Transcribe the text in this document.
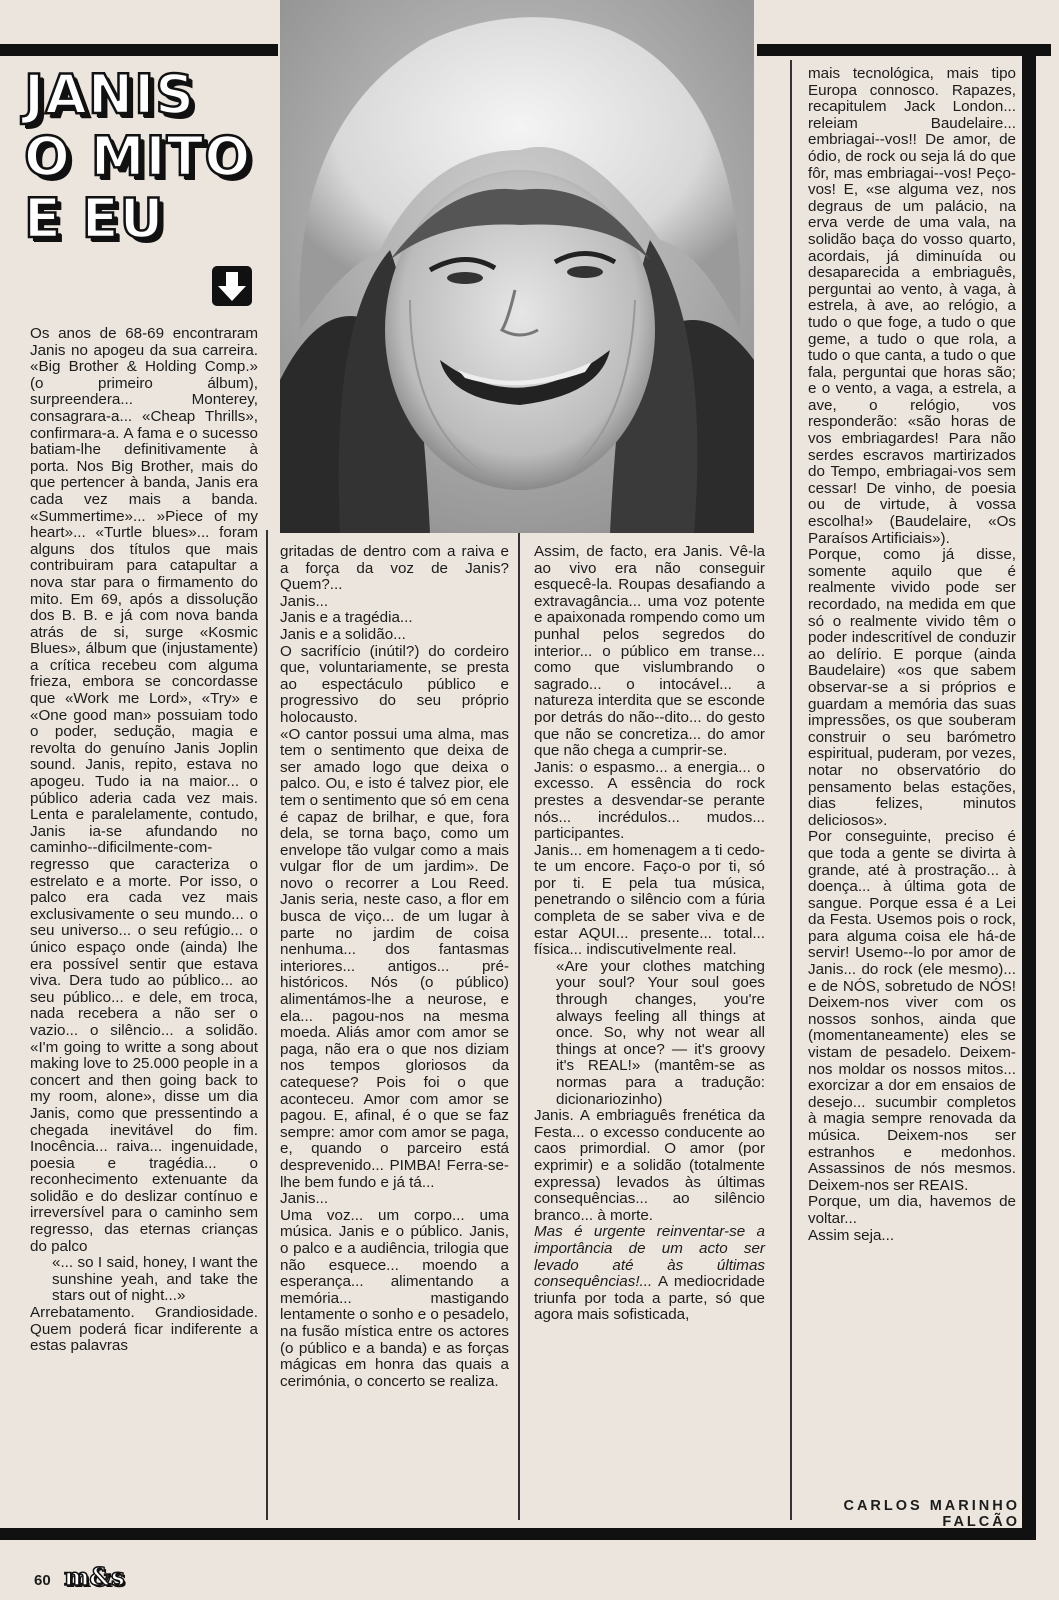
JANIS
O MITO
E EU

Os anos de 68-69 encontraram Janis no apogeu da sua carreira. «Big Brother & Holding Comp.» (o primeiro álbum), surpreendera... Monterey, consagrara-a... «Cheap Thrills», confirmara-a. A fama e o sucesso batiam-lhe definitivamente à porta. Nos Big Brother, mais do que pertencer à banda, Janis era cada vez mais a banda. «Summertime»... »Piece of my heart»... «Turtle blues»... foram alguns dos títulos que mais contribuiram para catapultar a nova star para o firmamento do mito. Em 69, após a dissolução dos B. B. e já com nova banda atrás de si, surge «Kosmic Blues», álbum que (injustamente) a crítica recebeu com alguma frieza, embora se concordasse que «Work me Lord», «Try» e «One good man» possuiam todo o poder, sedução, magia e revolta do genuíno Janis Joplin sound. Janis, repito, estava no apogeu. Tudo ia na maior... o público aderia cada vez mais. Lenta e paralelamente, contudo, Janis ia-se afundando no caminho--dificilmente-com-regresso que caracteriza o estrelato e a morte. Por isso, o palco era cada vez mais exclusivamente o seu mundo... o seu universo... o seu refúgio... o único espaço onde (ainda) lhe era possível sentir que estava viva. Dera tudo ao público... ao seu público... e dele, em troca, nada recebera a não ser o vazio... o silêncio... a solidão. «I'm going to writte a song about making love to 25.000 people in a concert and then going back to my room, alone», disse um dia Janis, como que pressentindo a chegada inevitável do fim. Inocência... raiva... ingenuidade, poesia e tragédia... o reconhecimento extenuante da solidão e do deslizar contínuo e irreversível para o caminho sem regresso, das eternas crianças do palco

«... so I said, honey, I want the sunshine yeah, and take the stars out of night...»

Arrebatamento. Grandiosidade. Quem poderá ficar indiferente a estas palavras

gritadas de dentro com a raiva e a força da voz de Janis? Quem?...

Janis...

Janis e a tragédia...

Janis e a solidão...

O sacrifício (inútil?) do cordeiro que, voluntariamente, se presta ao espectáculo público e progressivo do seu próprio holocausto.

«O cantor possui uma alma, mas tem o sentimento que deixa de ser amado logo que deixa o palco. Ou, e isto é talvez pior, ele tem o sentimento que só em cena é capaz de brilhar, e que, fora dela, se torna baço, como um envelope tão vulgar como a mais vulgar flor de um jardim». De novo o recorrer a Lou Reed. Janis seria, neste caso, a flor em busca de viço... de um lugar à parte no jardim de coisa nenhuma... dos fantasmas interiores... antigos... pré-históricos. Nós (o público) alimentámos-lhe a neurose, e ela... pagou-nos na mesma moeda. Aliás amor com amor se paga, não era o que nos diziam nos tempos gloriosos da catequese? Pois foi o que aconteceu. Amor com amor se pagou. E, afinal, é o que se faz sempre: amor com amor se paga, e, quando o parceiro está desprevenido... PIMBA! Ferra-se-lhe bem fundo e já tá...

Janis...

Uma voz... um corpo... uma música. Janis e o público. Janis, o palco e a audiência, trilogia que não esquece... moendo a esperança... alimentando a memória... mastigando lentamente o sonho e o pesadelo, na fusão mística entre os actores (o público e a banda) e as forças mágicas em honra das quais a cerimónia, o concerto se realiza.

Assim, de facto, era Janis. Vê-la ao vivo era não conseguir esquecê-la. Roupas desafiando a extravagância... uma voz potente e apaixonada rompendo como um punhal pelos segredos do interior... o público em transe... como que vislumbrando o sagrado... o intocável... a natureza interdita que se esconde por detrás do não--dito... do gesto que não se concretiza... do amor que não chega a cumprir-se.

Janis: o espasmo... a energia... o excesso. A essência do rock prestes a desvendar-se perante nós... incrédulos... mudos... participantes.

Janis... em homenagem a ti cedo-te um encore. Faço-o por ti, só por ti. E pela tua música, penetrando o silêncio com a fúria completa de se saber viva e de estar AQUI... presente... total... física... indiscutivelmente real.

«Are your clothes matching your soul? Your soul goes through changes, you're always feeling all things at once. So, why not wear all things at once? — it's groovy it's REAL!» (mantêm-se as normas para a tradução: dicionariozinho)

Janis. A embriaguês frenética da Festa... o excesso conducente ao caos primordial. O amor (por exprimir) e a solidão (totalmente expressa) levados às últimas consequências... ao silêncio branco... à morte.

Mas é urgente reinventar-se a importância de um acto ser levado até às últimas consequências!... A mediocridade triunfa por toda a parte, só que agora mais sofisticada,

mais tecnológica, mais tipo Europa connosco. Rapazes, recapitulem Jack London... releiam Baudelaire... embriagai--vos!! De amor, de ódio, de rock ou seja lá do que fôr, mas embriagai--vos! Peço-vos! E, «se alguma vez, nos degraus de um palácio, na erva verde de uma vala, na solidão baça do vosso quarto, acordais, já diminuída ou desaparecida a embriaguês, perguntai ao vento, à vaga, à estrela, à ave, ao relógio, a tudo o que foge, a tudo o que geme, a tudo o que rola, a tudo o que canta, a tudo o que fala, perguntai que horas são; e o vento, a vaga, a estrela, a ave, o relógio, vos responderão: «são horas de vos embriagardes! Para não serdes escravos martirizados do Tempo, embriagai-vos sem cessar! De vinho, de poesia ou de virtude, à vossa escolha!» (Baudelaire, «Os Paraísos Artificiais»).

Porque, como já disse, somente aquilo que é realmente vivido pode ser recordado, na medida em que só o realmente vivido têm o poder indescritível de conduzir ao delírio. E porque (ainda Baudelaire) «os que sabem observar-se a si próprios e guardam a memória das suas impressões, os que souberam construir o seu barómetro espiritual, puderam, por vezes, notar no observatório do pensamento belas estações, dias felizes, minutos deliciosos».

Por conseguinte, preciso é que toda a gente se divirta à grande, até à prostração... à doença... à última gota de sangue. Porque essa é a Lei da Festa. Usemos pois o rock, para alguma coisa ele há-de servir! Usemo--lo por amor de Janis... do rock (ele mesmo)... e de NÓS, sobretudo de NÓS! Deixem-nos viver com os nossos sonhos, ainda que (momentaneamente) eles se vistam de pesadelo. Deixem-nos moldar os nossos mitos... exorcizar a dor em ensaios de desejo... sucumbir completos à magia sempre renovada da música. Deixem-nos ser estranhos e medonhos. Assassinos de nós mesmos. Deixem-nos ser REAIS.

Porque, um dia, havemos de voltar...

Assim seja...

CARLOS MARINHO
FALCÃO
60 m&s
